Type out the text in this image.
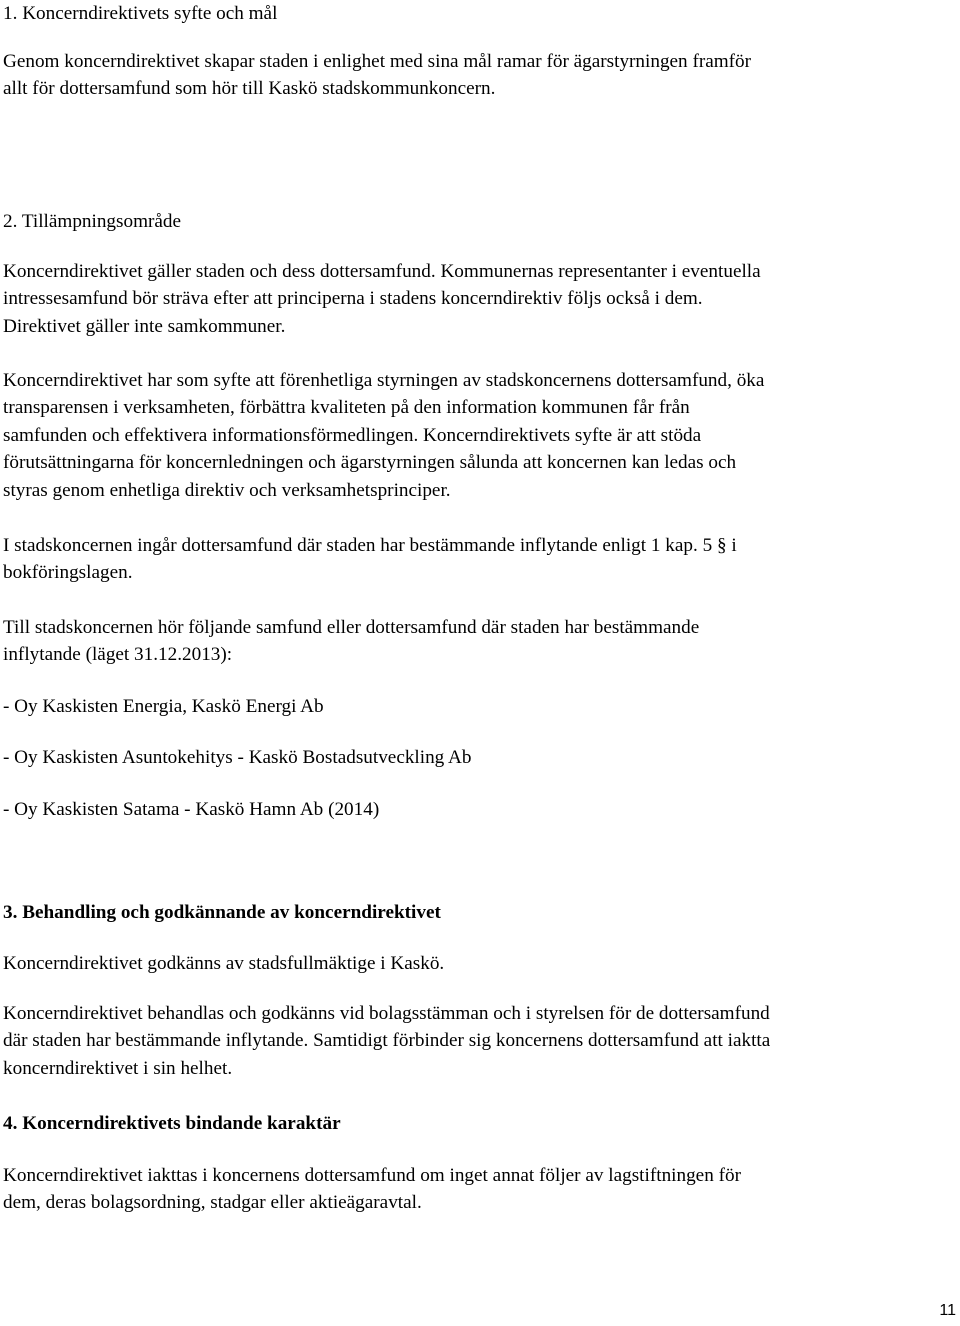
1. Koncerndirektivets syfte och mål

Genom koncerndirektivet skapar staden i enlighet med sina mål ramar för ägarstyrningen framför
allt för dottersamfund som hör till Kaskö stadskommunkoncern.

2. Tillämpningsområde

Koncerndirektivet gäller staden och dess dottersamfund. Kommunernas representanter i eventuella
intressesamfund bör sträva efter att principerna i stadens koncerndirektiv följs också i dem.
Direktivet gäller inte samkommuner.

Koncerndirektivet har som syfte att förenhetliga styrningen av stadskoncernens dottersamfund, öka
transparensen i verksamheten, förbättra kvaliteten på den information kommunen får från
samfunden och effektivera informationsförmedlingen. Koncerndirektivets syfte är att stöda
förutsättningarna för koncernledningen och ägarstyrningen sålunda att koncernen kan ledas och
styras genom enhetliga direktiv och verksamhetsprinciper.

I stadskoncernen ingår dottersamfund där staden har bestämmande inflytande enligt 1 kap. 5 § i
bokföringslagen.

Till stadskoncernen hör följande samfund eller dottersamfund där staden har bestämmande
inflytande (läget 31.12.2013):

- Oy Kaskisten Energia, Kaskö Energi Ab

- Oy Kaskisten Asuntokehitys - Kaskö Bostadsutveckling Ab

- Oy Kaskisten Satama - Kaskö Hamn Ab (2014)

3. Behandling och godkännande av koncerndirektivet

Koncerndirektivet godkänns av stadsfullmäktige i Kaskö.

Koncerndirektivet behandlas och godkänns vid bolagsstämman och i styrelsen för de dottersamfund
där staden har bestämmande inflytande. Samtidigt förbinder sig koncernens dottersamfund att iaktta
koncerndirektivet i sin helhet.

4. Koncerndirektivets bindande karaktär

Koncerndirektivet iakttas i koncernens dottersamfund om inget annat följer av lagstiftningen för
dem, deras bolagsordning, stadgar eller aktieägaravtal.

11
